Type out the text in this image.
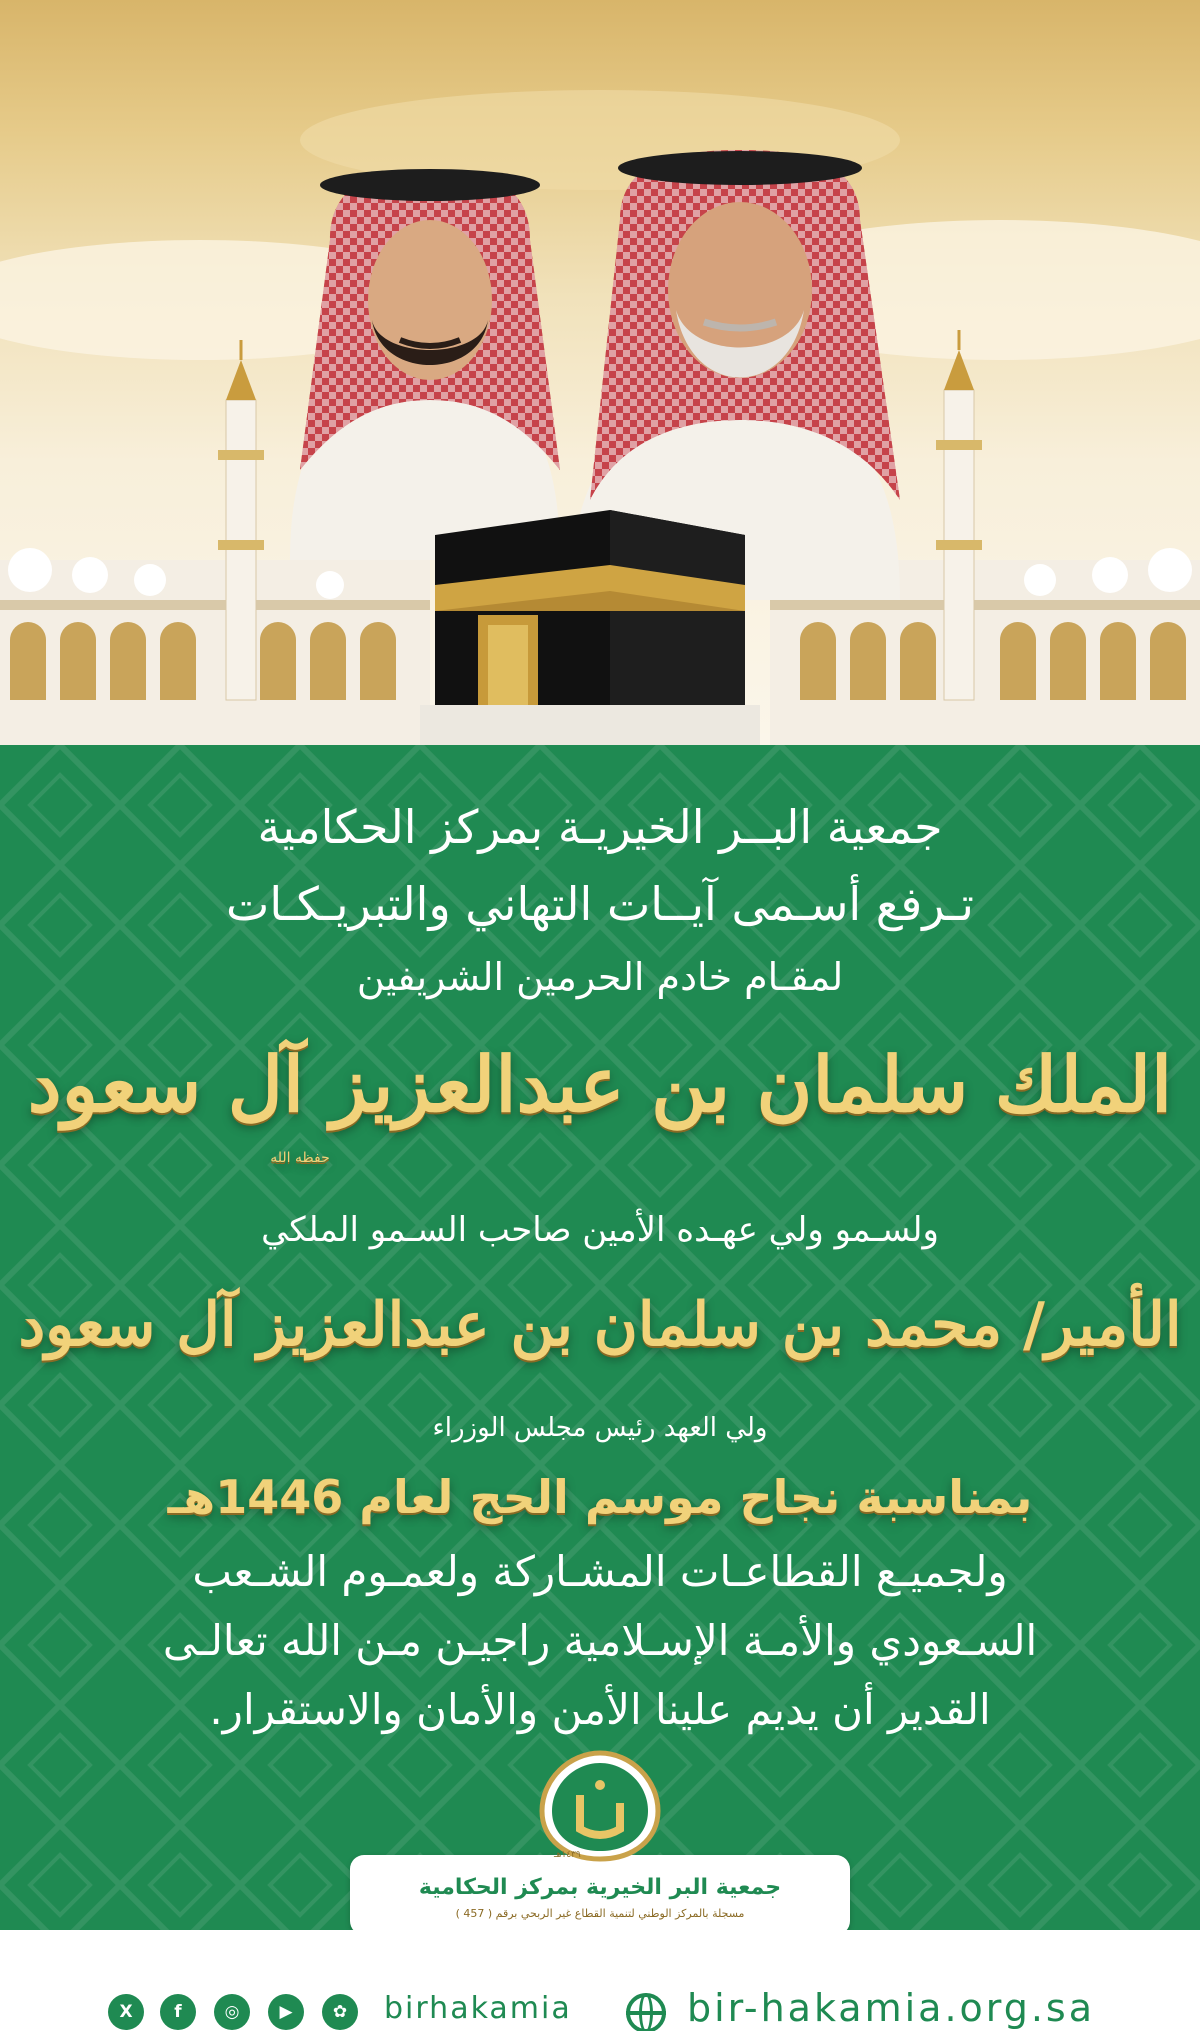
جمعية البــر الخيريـة بمركز الحكامية
تـرفع أسـمى آيــات التهاني والتبريـكـات
لمقـام خادم الحرمين الشريفين
الملك سلمان بن عبدالعزيز آل سعود
حفظه الله
ولسـمو ولي عهـده الأمين صاحب السـمو الملكي
الأمير/ محمد بن سلمان بن عبدالعزيز آل سعود
ولي العهد رئيس مجلس الوزراء
بمناسبة نجاح موسم الحج لعام 1446هـ
ولجميـع القطاعـات المشـاركة ولعمـوم الشـعب
السـعودي والأمـة الإسـلامية راجيـن مـن الله تعالـى
القدير أن يديم علينا الأمن والأمان والاستقرار.
جمعية البر الخيرية بمركز الحكامية
مسجلة بالمركز الوطني لتنمية القطاع غير الربحي برقم ( 457 )
١٤٣٩هـ
X	f	◎	▶	✿	birhakamia	bir-hakamia.org.sa
